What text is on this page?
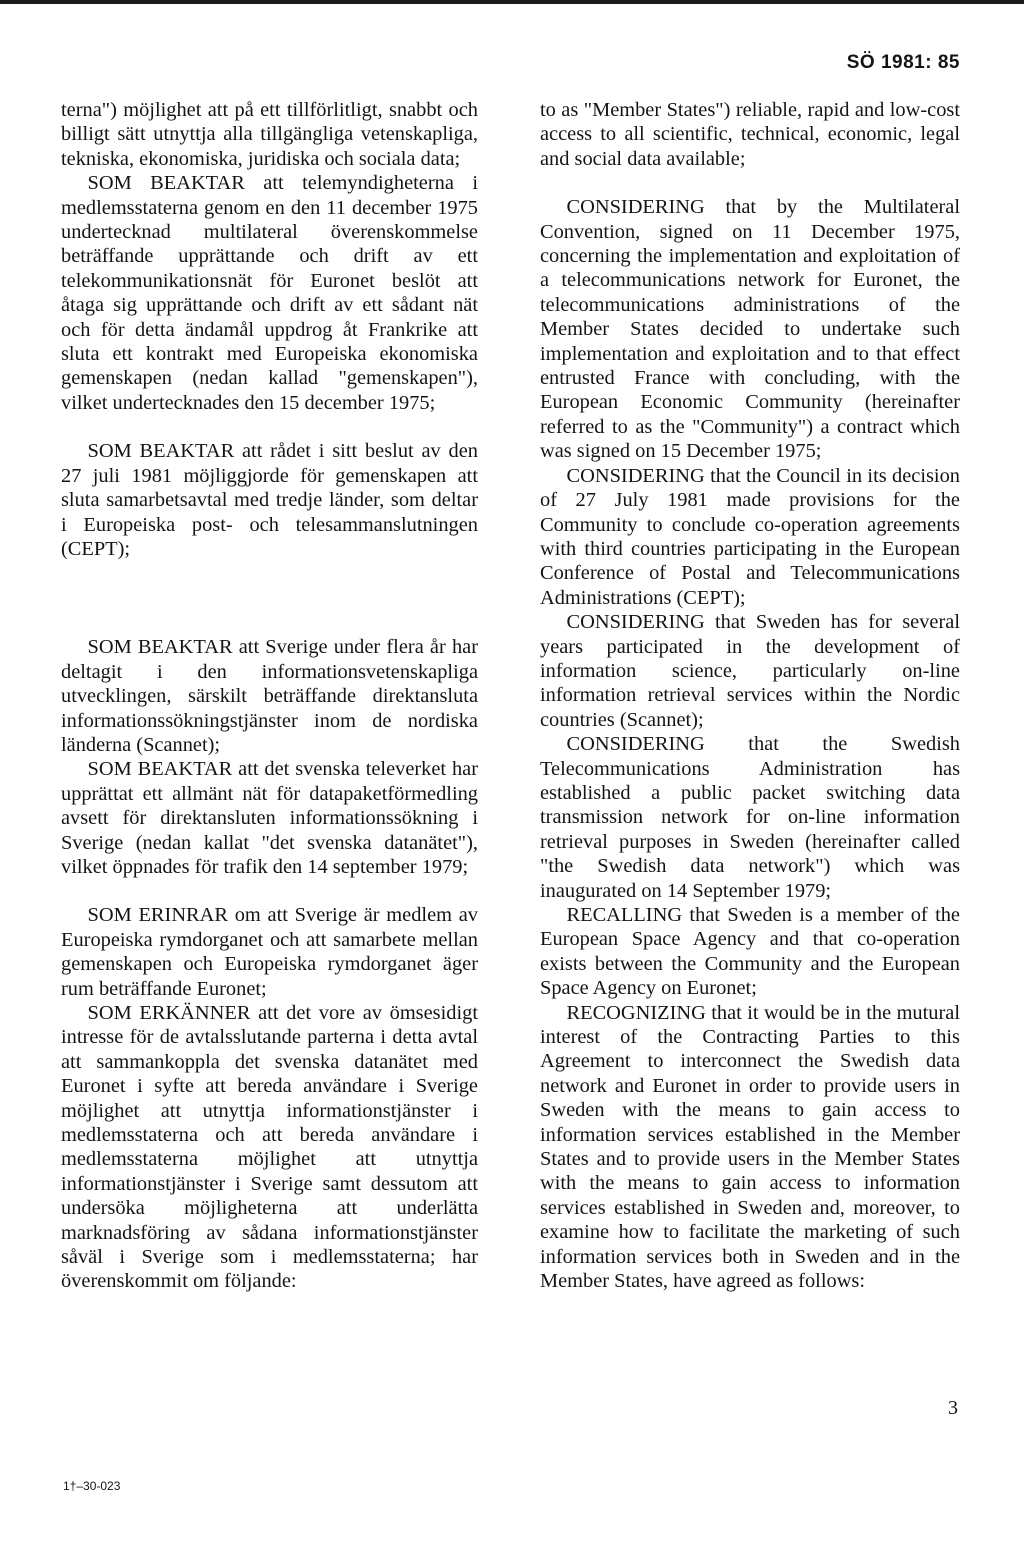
SÖ 1981: 85

terna") möjlighet att på ett tillförlitligt, snabbt och billigt sätt utnyttja alla tillgängliga vetenskapliga, tekniska, ekonomiska, juridiska och sociala data;

SOM BEAKTAR att telemyndigheterna i medlemsstaterna genom en den 11 december 1975 undertecknad multilateral överenskommelse beträffande upprättande och drift av ett telekommunikationsnät för Euronet beslöt att åtaga sig upprättande och drift av ett sådant nät och för detta ändamål uppdrog åt Frankrike att sluta ett kontrakt med Europeiska ekonomiska gemenskapen (nedan kallad "gemenskapen"), vilket undertecknades den 15 december 1975;

SOM BEAKTAR att rådet i sitt beslut av den 27 juli 1981 möjliggjorde för gemenskapen att sluta samarbetsavtal med tredje länder, som deltar i Europeiska post- och telesammanslutningen (CEPT);

SOM BEAKTAR att Sverige under flera år har deltagit i den informationsvetenskapliga utvecklingen, särskilt beträffande direktansluta informationssökningstjänster inom de nordiska länderna (Scannet);

SOM BEAKTAR att det svenska televerket har upprättat ett allmänt nät för datapaketförmedling avsett för direktansluten informationssökning i Sverige (nedan kallat "det svenska datanätet"), vilket öppnades för trafik den 14 september 1979;

SOM ERINRAR om att Sverige är medlem av Europeiska rymdorganet och att samarbete mellan gemenskapen och Europeiska rymdorganet äger rum beträffande Euronet;

SOM ERKÄNNER att det vore av ömsesidigt intresse för de avtalsslutande parterna i detta avtal att sammankoppla det svenska datanätet med Euronet i syfte att bereda användare i Sverige möjlighet att utnyttja informationstjänster i medlemsstaterna och att bereda användare i medlemsstaterna möjlighet att utnyttja informationstjänster i Sverige samt dessutom att undersöka möjligheterna att underlätta marknadsföring av sådana informationstjänster såväl i Sverige som i medlemsstaterna; har överenskommit om följande:

to as "Member States") reliable, rapid and low-cost access to all scientific, technical, economic, legal and social data available;

CONSIDERING that by the Multilateral Convention, signed on 11 December 1975, concerning the implementation and exploitation of a telecommunications network for Euronet, the telecommunications administrations of the Member States decided to undertake such implementation and exploitation and to that effect entrusted France with concluding, with the European Economic Community (hereinafter referred to as the "Community") a contract which was signed on 15 December 1975;

CONSIDERING that the Council in its decision of 27 July 1981 made provisions for the Community to conclude co-operation agreements with third countries participating in the European Conference of Postal and Telecommunications Administrations (CEPT);

CONSIDERING that Sweden has for several years participated in the development of information science, particularly on-line information retrieval services within the Nordic countries (Scannet);

CONSIDERING that the Swedish Telecommunications Administration has established a public packet switching data transmission network for on-line information retrieval purposes in Sweden (hereinafter called "the Swedish data network") which was inaugurated on 14 September 1979;

RECALLING that Sweden is a member of the European Space Agency and that co-operation exists between the Community and the European Space Agency on Euronet;

RECOGNIZING that it would be in the mutural interest of the Contracting Parties to this Agreement to interconnect the Swedish data network and Euronet in order to provide users in Sweden with the means to gain access to information services established in the Member States and to provide users in the Member States with the means to gain access to information services established in Sweden and, moreover, to examine how to facilitate the marketing of such information services both in Sweden and in the Member States, have agreed as follows:

3
1†–30-023
